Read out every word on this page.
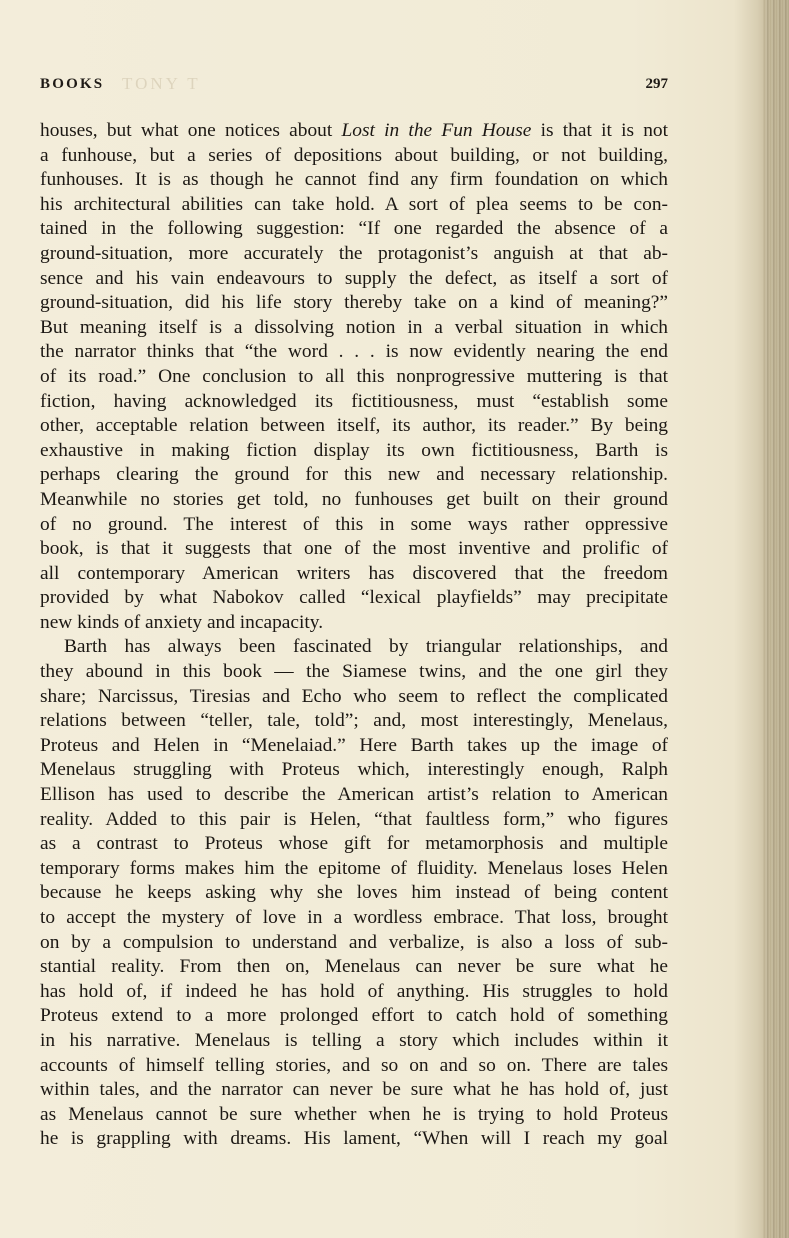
TONY T
BOOKS	297
houses, but what one notices about Lost in the Fun House is that it is not
a funhouse, but a series of depositions about building, or not building,
funhouses. It is as though he cannot find any firm foundation on which
his architectural abilities can take hold. A sort of plea seems to be con-
tained in the following suggestion: “If one regarded the absence of a
ground-situation, more accurately the protagonist’s anguish at that ab-
sence and his vain endeavours to supply the defect, as itself a sort of
ground-situation, did his life story thereby take on a kind of meaning?”
But meaning itself is a dissolving notion in a verbal situation in which
the narrator thinks that “the word . . . is now evidently nearing the end
of its road.” One conclusion to all this nonprogressive muttering is that
fiction, having acknowledged its fictitiousness, must “establish some
other, acceptable relation between itself, its author, its reader.” By being
exhaustive in making fiction display its own fictitiousness, Barth is
perhaps clearing the ground for this new and necessary relationship.
Meanwhile no stories get told, no funhouses get built on their ground
of no ground. The interest of this in some ways rather oppressive
book, is that it suggests that one of the most inventive and prolific of
all contemporary American writers has discovered that the freedom
provided by what Nabokov called “lexical playfields” may precipitate
new kinds of anxiety and incapacity.
Barth has always been fascinated by triangular relationships, and
they abound in this book — the Siamese twins, and the one girl they
share; Narcissus, Tiresias and Echo who seem to reflect the complicated
relations between “teller, tale, told”; and, most interestingly, Menelaus,
Proteus and Helen in “Menelaiad.” Here Barth takes up the image of
Menelaus struggling with Proteus which, interestingly enough, Ralph
Ellison has used to describe the American artist’s relation to American
reality. Added to this pair is Helen, “that faultless form,” who figures
as a contrast to Proteus whose gift for metamorphosis and multiple
temporary forms makes him the epitome of fluidity. Menelaus loses Helen
because he keeps asking why she loves him instead of being content
to accept the mystery of love in a wordless embrace. That loss, brought
on by a compulsion to understand and verbalize, is also a loss of sub-
stantial reality. From then on, Menelaus can never be sure what he
has hold of, if indeed he has hold of anything. His struggles to hold
Proteus extend to a more prolonged effort to catch hold of something
in his narrative. Menelaus is telling a story which includes within it
accounts of himself telling stories, and so on and so on. There are tales
within tales, and the narrator can never be sure what he has hold of, just
as Menelaus cannot be sure whether when he is trying to hold Proteus
he is grappling with dreams. His lament, “When will I reach my goal
